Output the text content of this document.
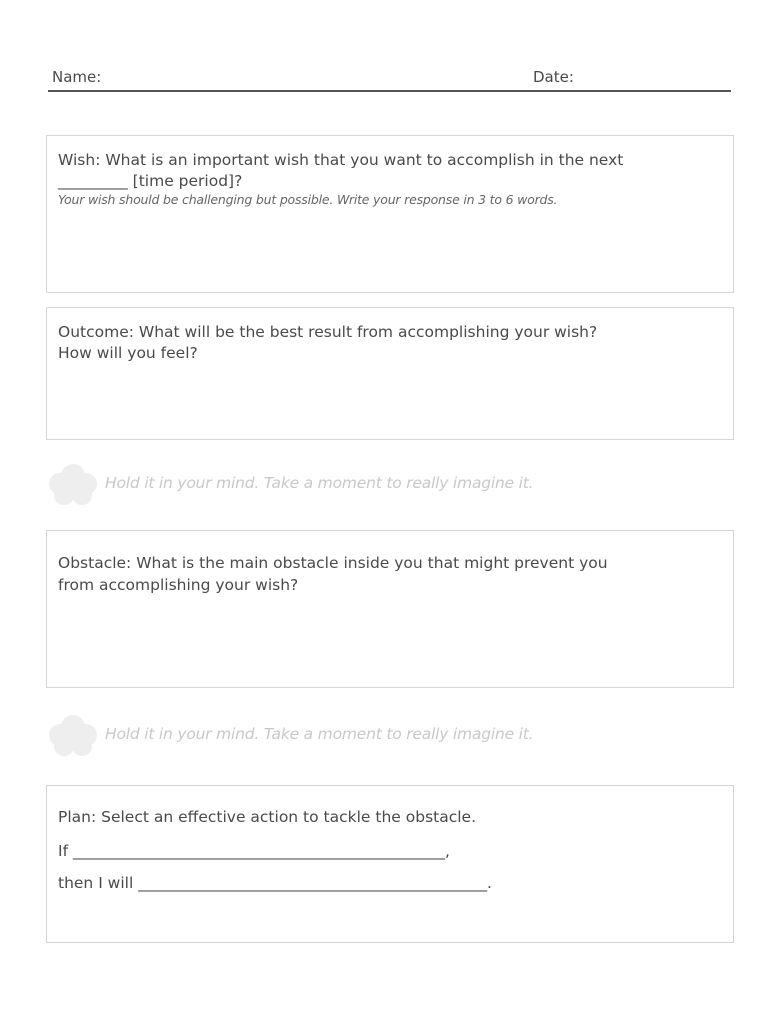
Name:	Date:

Wish: What is an important wish that you want to accomplish in the next

_________ [time period]?

Your wish should be challenging but possible. Write your response in 3 to 6 words.

Outcome: What will be the best result from accomplishing your wish?

How will you feel?

Hold it in your mind. Take a moment to really imagine it.

Obstacle: What is the main obstacle inside you that might prevent you

from accomplishing your wish?

Hold it in your mind. Take a moment to really imagine it.
Plan: Select an effective action to tackle the obstacle.
If ________________________________________________,
then I will _____________________________________________.
